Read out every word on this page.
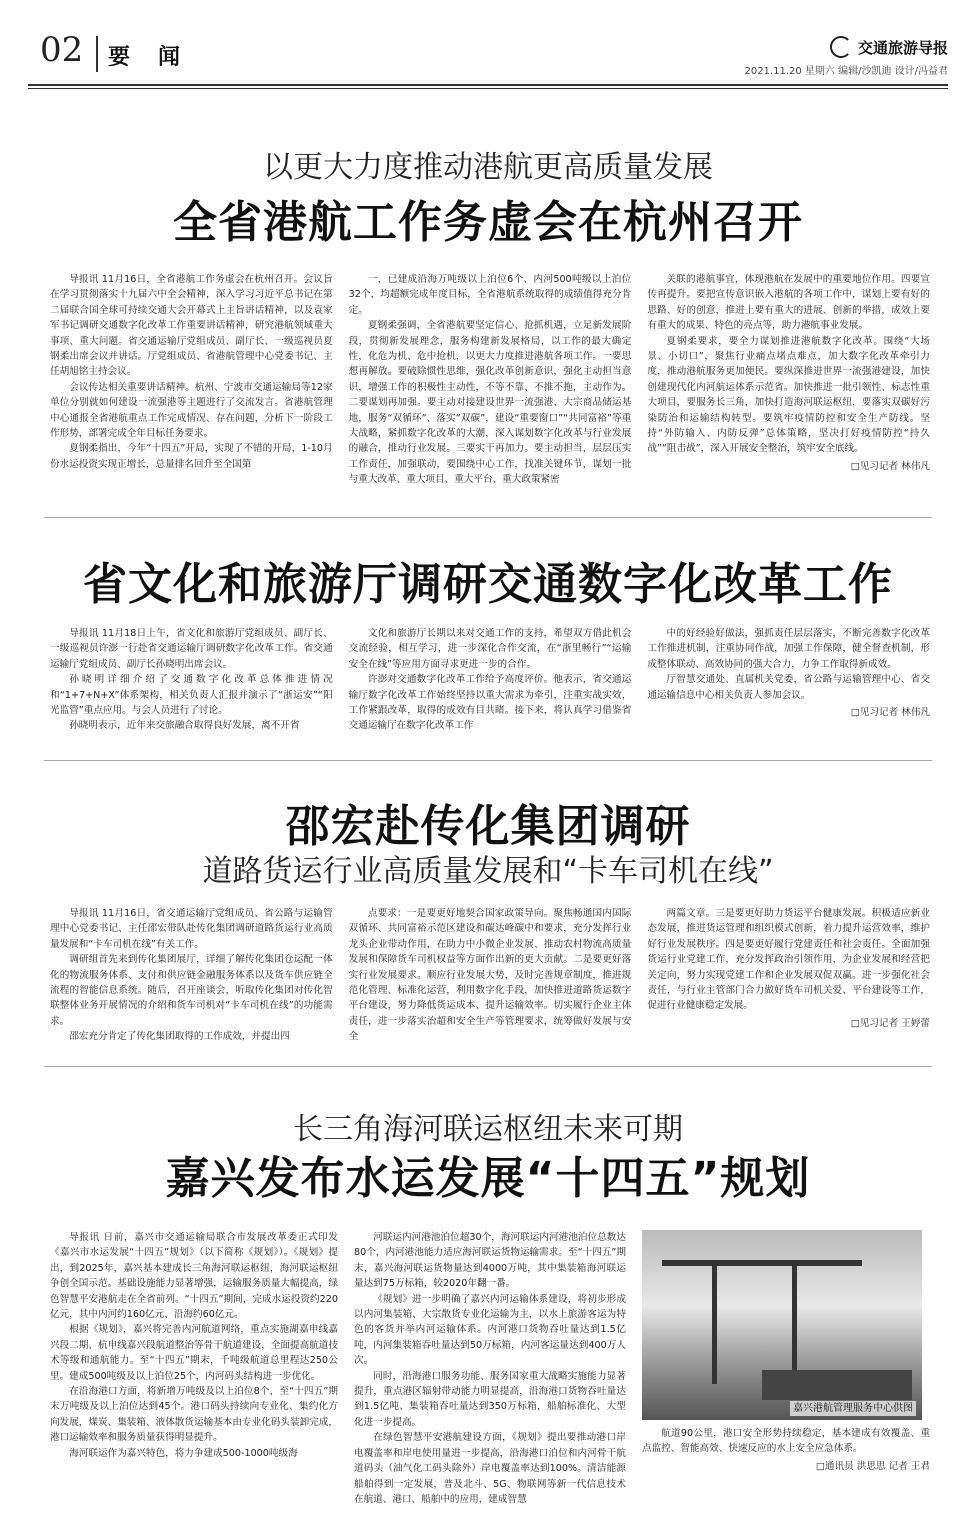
02 要闻	交通旅游导报
2021.11.20 星期六 编辑/沙凯迪 设计/冯益君
以更大力度推动港航更高质量发展
全省港航工作务虚会在杭州召开

导报讯 11月16日，全省港航工作务虚会在杭州召开。会议旨在学习贯彻落实十九届六中全会精神，深入学习习近平总书记在第二届联合国全球可持续交通大会开幕式上主旨讲话精神，以及袁家军书记调研交通数字化改革工作重要讲话精神，研究港航领域重大事项、重大问题。省交通运输厅党组成员、副厅长、一级巡视员夏钢柔出席会议并讲话。厅党组成员、省港航管理中心党委书记、主任胡旭铭主持会议。

会议传达相关重要讲话精神。杭州、宁波市交通运输局等12家单位分别就如何建设一流强港等主题进行了交流发言。省港航管理中心通报全省港航重点工作完成情况、存在问题，分析下一阶段工作形势，部署完成全年目标任务要求。

夏钢柔指出，今年“十四五”开局，实现了不错的开局，1-10月份水运投资实现正增长，总量排名回升至全国第

一，已建成沿海万吨级以上泊位6个、内河500吨级以上泊位32个，均超额完成年度目标，全省港航系统取得的成绩值得充分肯定。

夏钢柔强调，全省港航要坚定信心、抢抓机遇，立足新发展阶段，贯彻新发展理念，服务构建新发展格局，以工作的最大确定性，化危为机、危中抢机，以更大力度推进港航各项工作。一要思想再解放。要破除惯性思维，强化改革创新意识，强化主动担当意识，增强工作的积极性主动性，不等不靠、不推不拖，主动作为。二要谋划再加强。要主动对接建设世界一流强港、大宗商品储运基地，服务“双循环”、落实“双碳”，建设“重要窗口”“共同富裕”等重大战略，紧抓数字化改革的大潮，深入谋划数字化改革与行业发展的融合，推动行业发展。三要实干再加力。要主动担当，层层压实工作责任，加强联动，要围绕中心工作，找准关键环节，谋划一批与重大改革、重大项目、重大平台、重大政策紧密

关联的港航事宜，体现港航在发展中的重要地位作用。四要宣传再提升。要把宣传意识嵌入港航的各项工作中，谋划上要有好的思路、好的创意，推进上要有重大的进展、创新的举措，成效上要有重大的成果、特色的亮点等，助力港航事业发展。

夏钢柔要求，要全力谋划推进港航数字化改革。围绕“大场景、小切口”，聚焦行业痛点堵点难点，加大数字化改革牵引力度，推动港航服务更加便民。要纵深推进世界一流强港建设，加快创建现代化内河航运体系示范省。加快推进一批引领性、标志性重大项目，要服务长三角，加快打造海河联运枢纽，要落实双碳好污染防治和运输结构转型。要筑牢疫情防控和安全生产防线。坚持“外防输入、内防反弹”总体策略，坚决打好疫情防控“持久战”“阻击战”，深入开展安全整治，筑牢安全底线。

□见习记者 林伟凡
省文化和旅游厅调研交通数字化改革工作

导报讯 11月18日上午，省文化和旅游厅党组成员、副厅长、一级巡视员许澎一行赴省交通运输厅调研数字化改革工作。省交通运输厅党组成员、副厅长孙晓明出席会议。

孙晓明详细介绍了交通数字化改革总体推进情况和“1+7+N+X”体系架构，相关负责人汇报并演示了“浙运安”“阳光监管”重点应用。与会人员进行了讨论。

孙晓明表示，近年来交旅融合取得良好发展，离不开省

文化和旅游厅长期以来对交通工作的支持，希望双方借此机会交流经验，相互学习，进一步深化合作交流，在“浙里畅行”“运输安全在线”等应用方面寻求更进一步的合作。

许澎对交通数字化改革工作给予高度评价。他表示，省交通运输厅数字化改革工作始终坚持以重大需求为牵引，注重实战实效，工作紧跟改革，取得的成效有目共睹。接下来，将认真学习借鉴省交通运输厅在数字化改革工作

中的好经验好做法，强抓责任层层落实，不断完善数字化改革工作推进机制，注重协同作战，加强工作保障，健全督查机制，形成整体联动、高效协同的强大合力，力争工作取得新成效。

厅智慧交通处、直属机关党委，省公路与运输管理中心、省交通运输信息中心相关负责人参加会议。

□见习记者 林伟凡
邵宏赴传化集团调研
道路货运行业高质量发展和“卡车司机在线”

导报讯 11月16日，省交通运输厅党组成员、省公路与运输管理中心党委书记、主任邵宏带队赴传化集团调研道路货运行业高质量发展和“卡车司机在线”有关工作。

调研组首先来到传化集团展厅，详细了解传化集团仓运配一体化的物流服务体系、支付和供应链金融服务体系以及货车供应链全流程的智能信息系统。随后，召开座谈会，听取传化集团对传化智联整体业务开展情况的介绍和货车司机对“卡车司机在线”的功能需求。

邵宏充分肯定了传化集团取得的工作成效，并提出四

点要求：一是要更好地契合国家政策导向。聚焦畅通国内国际双循环、共同富裕示范区建设和碳达峰碳中和要求，充分发挥行业龙头企业带动作用，在助力中小微企业发展、推动农村物流高质量发展和保障货车司机权益等方面作出新的更大贡献。二是要更好落实行业发展要求。顺应行业发展大势，及时完善规章制度，推进规范化管理、标准化运营，利用数字化手段，加快推进道路货运数字平台建设，努力降低货运成本、提升运输效率。切实履行企业主体责任，进一步落实治超和安全生产等管理要求，统筹做好发展与安全

两篇文章。三是要更好助力货运平台健康发展。积极适应新业态发展，推进货运管理和组织模式创新，着力提升运营效率，维护好行业发展秩序。四是要更好履行党建责任和社会责任。全面加强货运行业党建工作，充分发挥政治引领作用，为企业发展和经营把关定向，努力实现党建工作和企业发展双促双赢。进一步强化社会责任，与行业主管部门合力做好货车司机关爱、平台建设等工作，促进行业健康稳定发展。

□见习记者 王婷蕾
长三角海河联运枢纽未来可期
嘉兴发布水运发展“十四五”规划

导报讯 日前，嘉兴市交通运输局联合市发展改革委正式印发《嘉兴市水运发展“十四五”规划》（以下简称《规划》）。《规划》提出，到2025年，嘉兴基本建成长三角海河联运枢纽，海河联运枢纽争创全国示范。基础设施能力显著增强，运输服务质量大幅提高，绿色智慧平安港航走在全省前列。“十四五”期间，完成水运投资约220亿元，其中内河约160亿元、沿海约60亿元。

根据《规划》，嘉兴将完善内河航道网络，重点实施湖嘉申线嘉兴段二期、杭申线嘉兴段航道整治等骨干航道建设，全面提高航道技术等级和通航能力。至“十四五”期末，千吨级航道总里程达250公里。建成500吨级及以上泊位25个，内河码头结构进一步优化。

在沿海港口方面，将新增万吨级及以上泊位8个，至“十四五”期末万吨级及以上泊位达到45个。港口码头持续向专业化、集约化方向发展，煤炭、集装箱、液体散货运输基本由专业化码头装卸完成，港口运输效率和服务质量获得明显提升。

海河联运作为嘉兴特色，将力争建成500-1000吨级海

河联运内河港池泊位超30个，海河联运内河港池泊位总数达80个，内河港池能力适应海河联运货物运输需求。至“十四五”期末，嘉兴海河联运货物量达到4000万吨，其中集装箱海河联运量达到75万标箱，较2020年翻一番。

《规划》进一步明确了嘉兴内河运输体系建设，将初步形成以内河集装箱、大宗散货专业化运输为主，以水上旅游客运为特色的客货并举内河运输体系。内河港口货物吞吐量达到1.5亿吨，内河集装箱吞吐量达到50万标箱，内河客运量达到400万人次。

同时，沿海港口服务功能、服务国家重大战略实施能力显著提升，重点港区辐射带动能力明显提高，沿海港口货物吞吐量达到1.5亿吨、集装箱吞吐量达到350万标箱，船舶标准化、大型化进一步提高。

在绿色智慧平安港航建设方面，《规划》提出要推动港口岸电覆盖率和岸电使用量进一步提高，沿海港口泊位和内河骨干航道码头（油气化工码头除外）岸电覆盖率达到100%。清洁能源船舶得到一定发展，普及北斗、5G、物联网等新一代信息技术在航道、港口、船舶中的应用，建成智慧

嘉兴港航管理服务中心供图

航道90公里，港口安全形势持续稳定，基本建成有效覆盖、重点监控、智能高效、快速反应的水上安全应急体系。

□通讯员 洪思思 记者 王君
